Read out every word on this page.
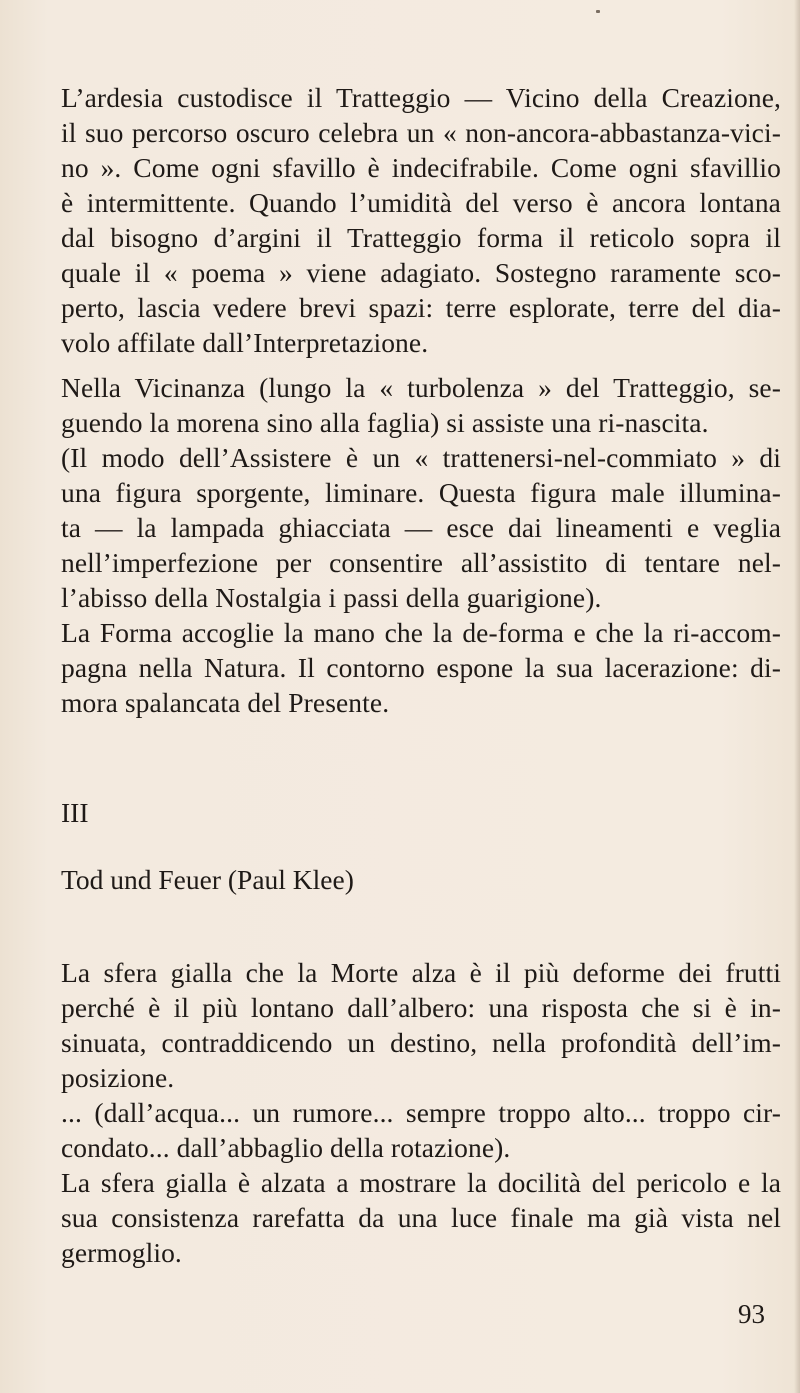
L’ardesia custodisce il Tratteggio — Vicino della Creazione,
il suo percorso oscuro celebra un « non-ancora-abbastanza-vici-
no ». Come ogni sfavillo è indecifrabile. Come ogni sfavillio
è intermittente. Quando l’umidità del verso è ancora lontana
dal bisogno d’argini il Tratteggio forma il reticolo sopra il
quale il « poema » viene adagiato. Sostegno raramente sco-
perto, lascia vedere brevi spazi: terre esplorate, terre del dia-
volo affilate dall’Interpretazione.
Nella Vicinanza (lungo la « turbolenza » del Tratteggio, se-
guendo la morena sino alla faglia) si assiste una ri-nascita.
(Il modo dell’Assistere è un « trattenersi-nel-commiato » di
una figura sporgente, liminare. Questa figura male illumina-
ta — la lampada ghiacciata — esce dai lineamenti e veglia
nell’imperfezione per consentire all’assistito di tentare nel-
l’abisso della Nostalgia i passi della guarigione).
La Forma accoglie la mano che la de-forma e che la ri-accom-
pagna nella Natura. Il contorno espone la sua lacerazione: di-
mora spalancata del Presente.
III
Tod und Feuer (Paul Klee)
La sfera gialla che la Morte alza è il più deforme dei frutti
perché è il più lontano dall’albero: una risposta che si è in-
sinuata, contraddicendo un destino, nella profondità dell’im-
posizione.
... (dall’acqua... un rumore... sempre troppo alto... troppo cir-
condato... dall’abbaglio della rotazione).
La sfera gialla è alzata a mostrare la docilità del pericolo e la
sua consistenza rarefatta da una luce finale ma già vista nel
germoglio.
93
